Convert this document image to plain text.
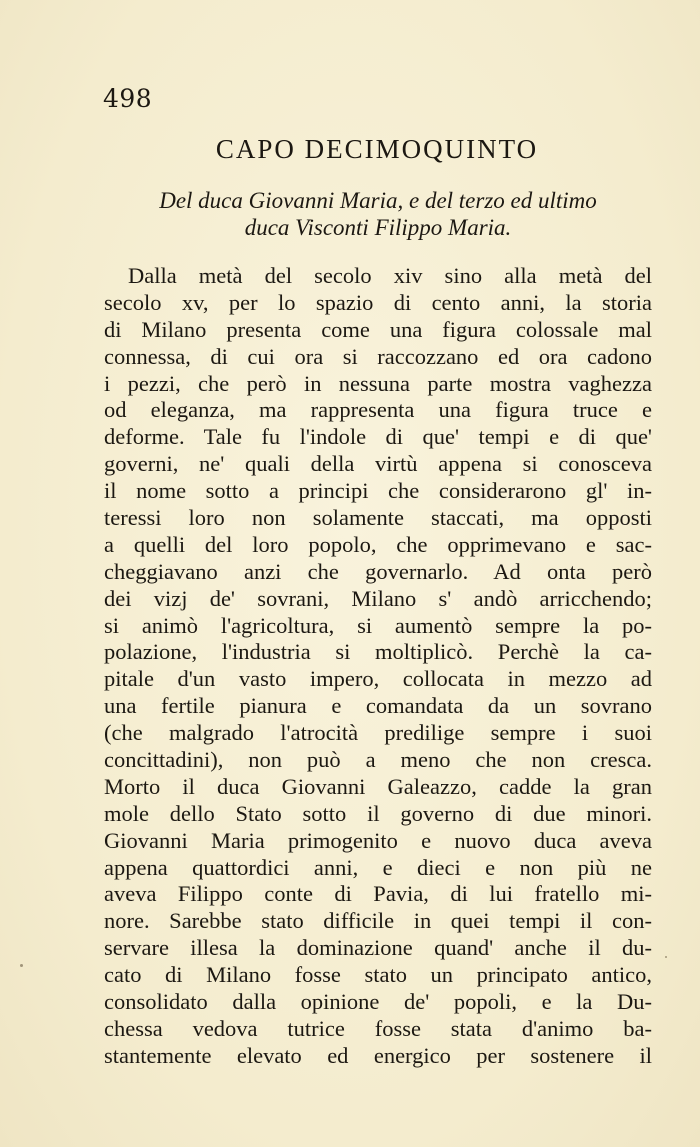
498
CAPO DECIMOQUINTO
Del duca Giovanni Maria, e del terzo ed ultimo
duca Visconti Filippo Maria.
Dalla metà del secolo xiv sino alla metà del
secolo xv, per lo spazio di cento anni, la storia
di Milano presenta come una figura colossale mal
connessa, di cui ora si raccozzano ed ora cadono
i pezzi, che però in nessuna parte mostra vaghezza
od eleganza, ma rappresenta una figura truce e
deforme. Tale fu l'indole di que' tempi e di que'
governi, ne' quali della virtù appena si conosceva
il nome sotto a principi che considerarono gl' in-
teressi loro non solamente staccati, ma opposti
a quelli del loro popolo, che opprimevano e sac-
cheggiavano anzi che governarlo. Ad onta però
dei vizj de' sovrani, Milano s' andò arricchendo;
si animò l'agricoltura, si aumentò sempre la po-
polazione, l'industria si moltiplicò. Perchè la ca-
pitale d'un vasto impero, collocata in mezzo ad
una fertile pianura e comandata da un sovrano
(che malgrado l'atrocità predilige sempre i suoi
concittadini), non può a meno che non cresca.
Morto il duca Giovanni Galeazzo, cadde la gran
mole dello Stato sotto il governo di due minori.
Giovanni Maria primogenito e nuovo duca aveva
appena quattordici anni, e dieci e non più ne
aveva Filippo conte di Pavia, di lui fratello mi-
nore. Sarebbe stato difficile in quei tempi il con-
servare illesa la dominazione quand' anche il du-
cato di Milano fosse stato un principato antico,
consolidato dalla opinione de' popoli, e la Du-
chessa vedova tutrice fosse stata d'animo ba-
stantemente elevato ed energico per sostenere il
